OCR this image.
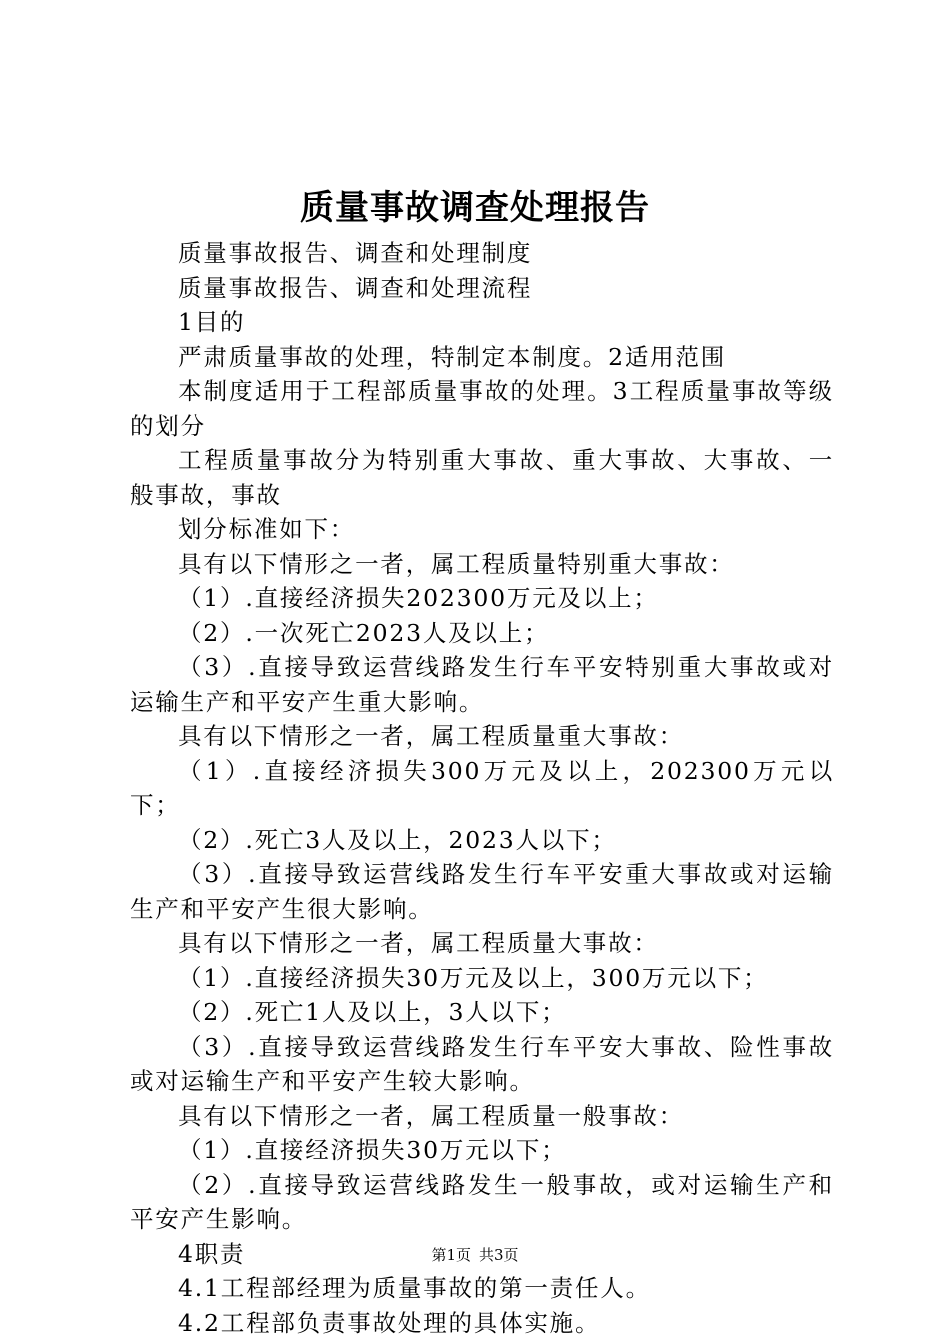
质量事故调查处理报告

质量事故报告、调查和处理制度

质量事故报告、调查和处理流程

1目的

严肃质量事故的处理，特制定本制度。2适用范围

本制度适用于工程部质量事故的处理。3工程质量事故等级的划分

工程质量事故分为特别重大事故、重大事故、大事故、一般事故，事故

划分标准如下：

具有以下情形之一者，属工程质量特别重大事故：

（1）.直接经济损失202300万元及以上；

（2）.一次死亡2023人及以上；

（3）.直接导致运营线路发生行车平安特别重大事故或对运输生产和平安产生重大影响。

具有以下情形之一者，属工程质量重大事故：

（1）.直接经济损失300万元及以上，202300万元以下；

（2）.死亡3人及以上，2023人以下；

（3）.直接导致运营线路发生行车平安重大事故或对运输生产和平安产生很大影响。

具有以下情形之一者，属工程质量大事故：

（1）.直接经济损失30万元及以上，300万元以下；

（2）.死亡1人及以上，3人以下；

（3）.直接导致运营线路发生行车平安大事故、险性事故或对运输生产和平安产生较大影响。

具有以下情形之一者，属工程质量一般事故：

（1）.直接经济损失30万元以下；

（2）.直接导致运营线路发生一般事故，或对运输生产和平安产生影响。

4职责

4.1工程部经理为质量事故的第一责任人。

4.2工程部负责事故处理的具体实施。

第1页 共3页
